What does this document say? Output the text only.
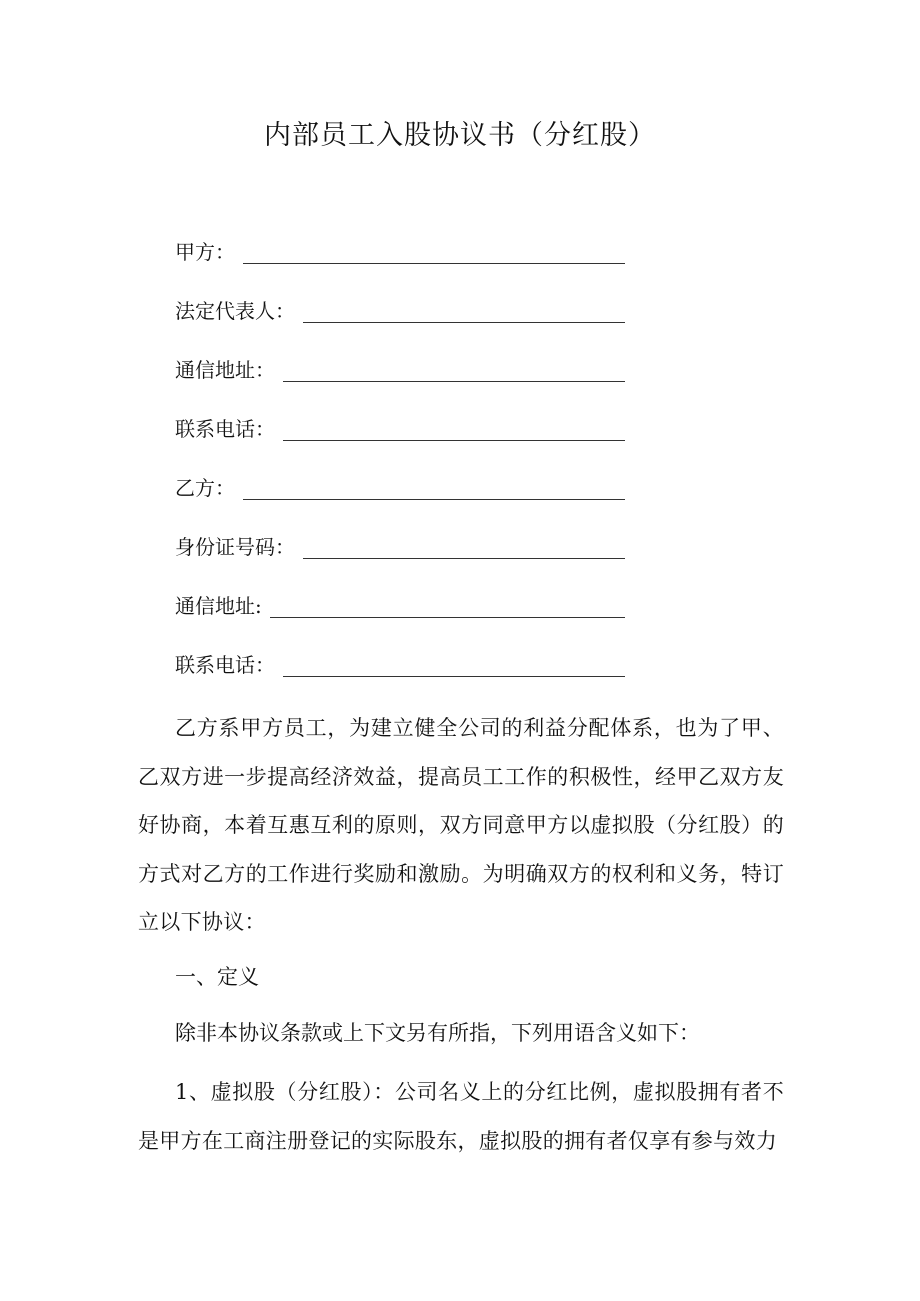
内部员工入股协议书（分红股）
甲方：
法定代表人：
通信地址：
联系电话：
乙方：
身份证号码：
通信地址:
联系电话：

乙方系甲方员工，为建立健全公司的利益分配体系，也为了甲、乙双方进一步提高经济效益，提高员工工作的积极性，经甲乙双方友好协商，本着互惠互利的原则，双方同意甲方以虚拟股（分红股）的方式对乙方的工作进行奖励和激励。为明确双方的权利和义务，特订立以下协议：

一、定义

除非本协议条款或上下文另有所指，下列用语含义如下：

1、虚拟股（分红股）：公司名义上的分红比例，虚拟股拥有者不是甲方在工商注册登记的实际股东，虚拟股的拥有者仅享有参与效力
